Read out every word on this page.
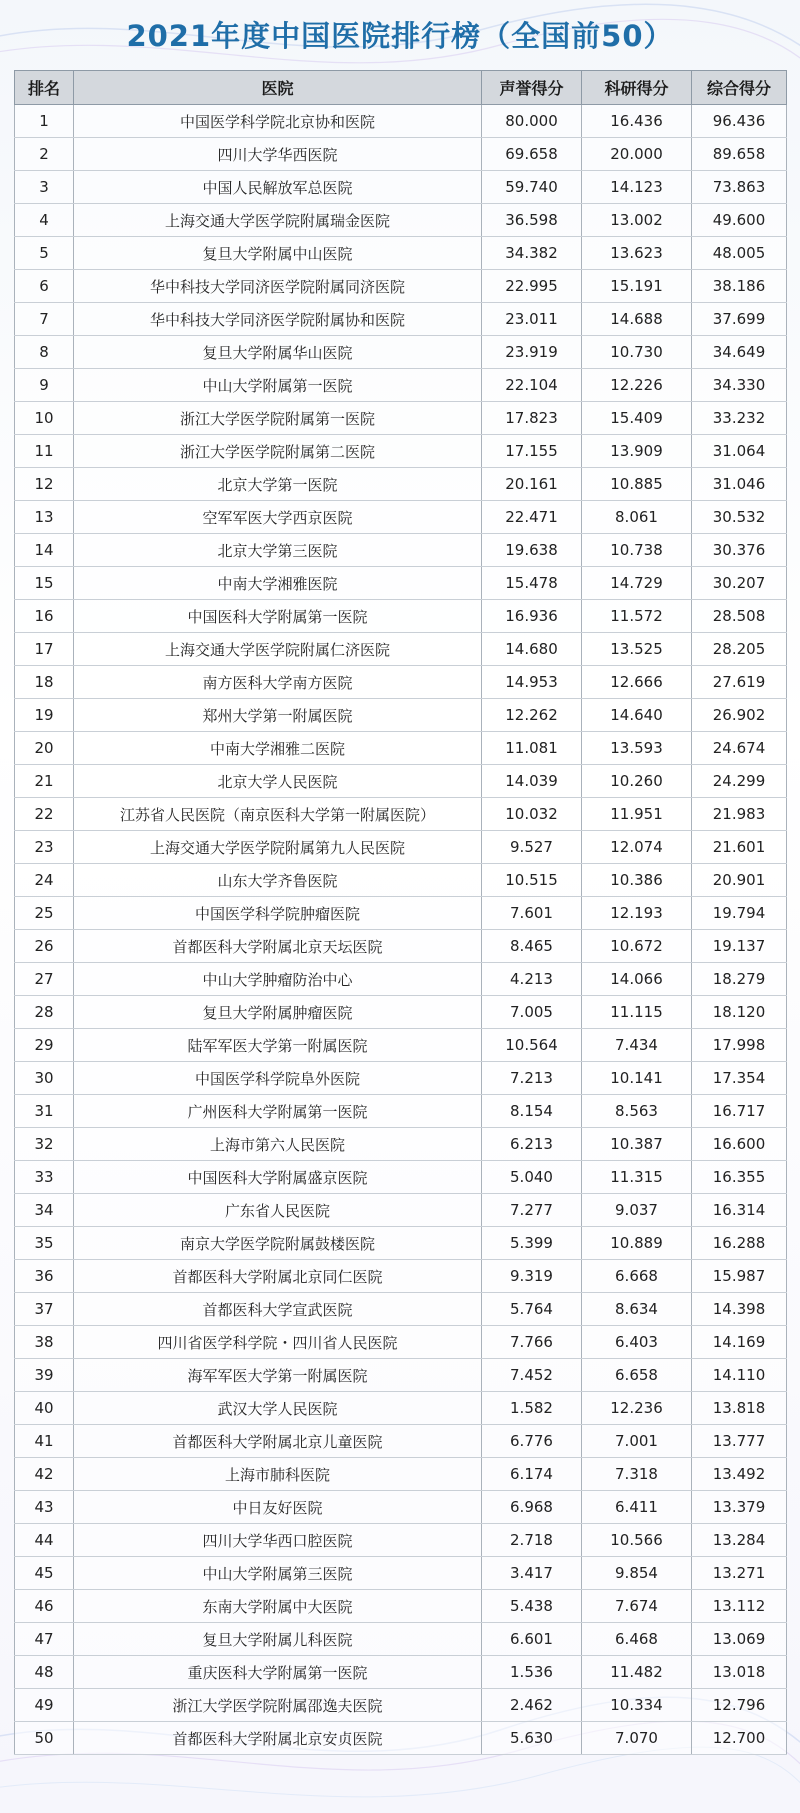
2021年度中国医院排行榜（全国前50）
排名	医院	声誉得分	科研得分	综合得分
1	中国医学科学院北京协和医院	80.000	16.436	96.436
2	四川大学华西医院	69.658	20.000	89.658
3	中国人民解放军总医院	59.740	14.123	73.863
4	上海交通大学医学院附属瑞金医院	36.598	13.002	49.600
5	复旦大学附属中山医院	34.382	13.623	48.005
6	华中科技大学同济医学院附属同济医院	22.995	15.191	38.186
7	华中科技大学同济医学院附属协和医院	23.011	14.688	37.699
8	复旦大学附属华山医院	23.919	10.730	34.649
9	中山大学附属第一医院	22.104	12.226	34.330
10	浙江大学医学院附属第一医院	17.823	15.409	33.232
11	浙江大学医学院附属第二医院	17.155	13.909	31.064
12	北京大学第一医院	20.161	10.885	31.046
13	空军军医大学西京医院	22.471	8.061	30.532
14	北京大学第三医院	19.638	10.738	30.376
15	中南大学湘雅医院	15.478	14.729	30.207
16	中国医科大学附属第一医院	16.936	11.572	28.508
17	上海交通大学医学院附属仁济医院	14.680	13.525	28.205
18	南方医科大学南方医院	14.953	12.666	27.619
19	郑州大学第一附属医院	12.262	14.640	26.902
20	中南大学湘雅二医院	11.081	13.593	24.674
21	北京大学人民医院	14.039	10.260	24.299
22	江苏省人民医院（南京医科大学第一附属医院）	10.032	11.951	21.983
23	上海交通大学医学院附属第九人民医院	9.527	12.074	21.601
24	山东大学齐鲁医院	10.515	10.386	20.901
25	中国医学科学院肿瘤医院	7.601	12.193	19.794
26	首都医科大学附属北京天坛医院	8.465	10.672	19.137
27	中山大学肿瘤防治中心	4.213	14.066	18.279
28	复旦大学附属肿瘤医院	7.005	11.115	18.120
29	陆军军医大学第一附属医院	10.564	7.434	17.998
30	中国医学科学院阜外医院	7.213	10.141	17.354
31	广州医科大学附属第一医院	8.154	8.563	16.717
32	上海市第六人民医院	6.213	10.387	16.600
33	中国医科大学附属盛京医院	5.040	11.315	16.355
34	广东省人民医院	7.277	9.037	16.314
35	南京大学医学院附属鼓楼医院	5.399	10.889	16.288
36	首都医科大学附属北京同仁医院	9.319	6.668	15.987
37	首都医科大学宣武医院	5.764	8.634	14.398
38	四川省医学科学院・四川省人民医院	7.766	6.403	14.169
39	海军军医大学第一附属医院	7.452	6.658	14.110
40	武汉大学人民医院	1.582	12.236	13.818
41	首都医科大学附属北京儿童医院	6.776	7.001	13.777
42	上海市肺科医院	6.174	7.318	13.492
43	中日友好医院	6.968	6.411	13.379
44	四川大学华西口腔医院	2.718	10.566	13.284
45	中山大学附属第三医院	3.417	9.854	13.271
46	东南大学附属中大医院	5.438	7.674	13.112
47	复旦大学附属儿科医院	6.601	6.468	13.069
48	重庆医科大学附属第一医院	1.536	11.482	13.018
49	浙江大学医学院附属邵逸夫医院	2.462	10.334	12.796
50	首都医科大学附属北京安贞医院	5.630	7.070	12.700
